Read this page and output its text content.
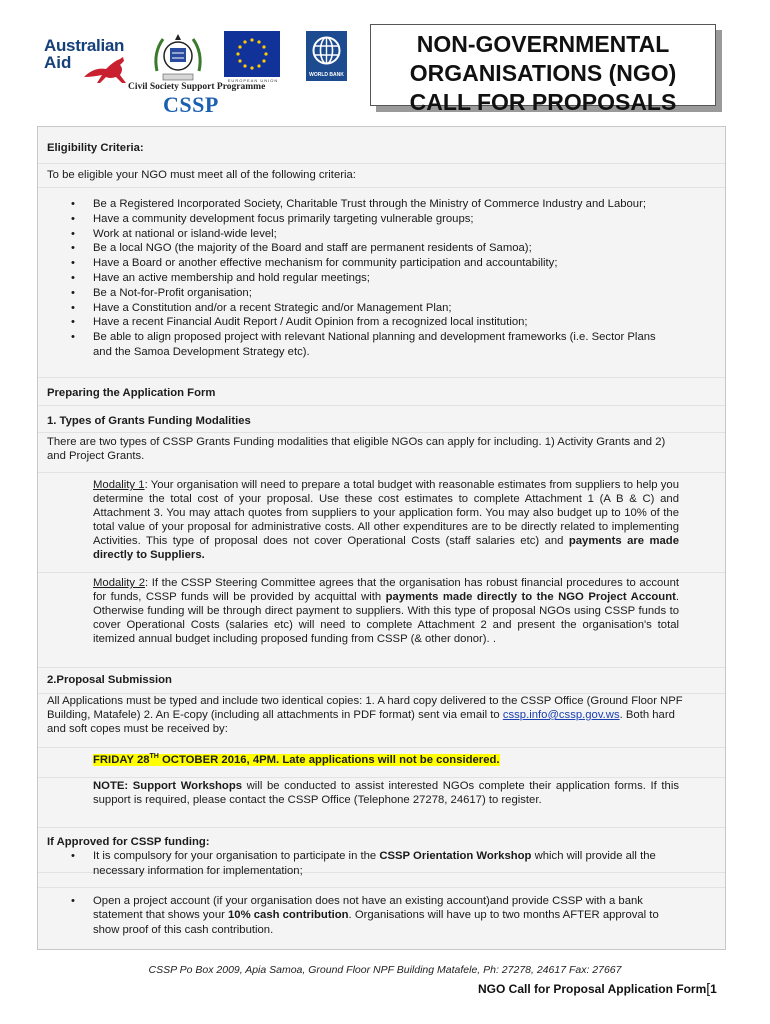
Australian
Aid
EUROPEAN UNION
WORLD BANK
Civil Society Support Programme
CSSP
NON-GOVERNMENTAL
ORGANISATIONS (NGO)
CALL FOR PROPOSALS
Eligibility Criteria:
To be eligible your NGO must meet all of the following criteria:
• Be a Registered Incorporated Society, Charitable Trust through the Ministry of Commerce Industry and Labour;
• Have a community development focus primarily targeting vulnerable groups;
• Work at national or island-wide level;
• Be a local NGO (the majority of the Board and staff are permanent residents of Samoa);
• Have a Board or another effective mechanism for community participation and accountability;
• Have an active membership and hold regular meetings;
• Be a Not-for-Profit organisation;
• Have a Constitution and/or a recent Strategic and/or Management Plan;
• Have a recent Financial Audit Report / Audit Opinion from a recognized local institution;
• Be able to align proposed project with relevant National planning and development frameworks (i.e. Sector Plans and the Samoa Development Strategy etc).
Preparing the Application Form
1. Types of Grants Funding Modalities
There are two types of CSSP Grants Funding modalities that eligible NGOs can apply for including. 1) Activity Grants and 2) and Project Grants.
Modality 1: Your organisation will need to prepare a total budget with reasonable estimates from suppliers to help you determine the total cost of your proposal. Use these cost estimates to complete Attachment 1 (A B & C) and Attachment 3. You may attach quotes from suppliers to your application form. You may also budget up to 10% of the total value of your proposal for administrative costs. All other expenditures are to be directly related to implementing Activities. This type of proposal does not cover Operational Costs (staff salaries etc) and payments are made directly to Suppliers.
Modality 2: If the CSSP Steering Committee agrees that the organisation has robust financial procedures to account for funds, CSSP funds will be provided by acquittal with payments made directly to the NGO Project Account. Otherwise funding will be through direct payment to suppliers. With this type of proposal NGOs using CSSP funds to cover Operational Costs (salaries etc) will need to complete Attachment 2 and present the organisation's total itemized annual budget including proposed funding from CSSP (& other donor). .
2.Proposal Submission
All Applications must be typed and include two identical copies: 1. A hard copy delivered to the CSSP Office (Ground Floor NPF Building, Matafele) 2. An E-copy (including all attachments in PDF format) sent via email to cssp.info@cssp.gov.ws. Both hard and soft copes must be received by:
FRIDAY 28TH OCTOBER 2016, 4PM. Late applications will not be considered.
NOTE: Support Workshops will be conducted to assist interested NGOs complete their application forms. If this support is required, please contact the CSSP Office (Telephone 27278, 24617) to register.
If Approved for CSSP funding:
• It is compulsory for your organisation to participate in the CSSP Orientation Workshop which will provide all the necessary information for implementation;
• Open a project account (if your organisation does not have an existing account)and provide CSSP with a bank statement that shows your 10% cash contribution. Organisations will have up to two months AFTER approval to show proof of this cash contribution.
CSSP Po Box 2009, Apia Samoa, Ground Floor NPF Building Matafele, Ph: 27278, 24617 Fax: 27667
NGO Call for Proposal Application Form[1
